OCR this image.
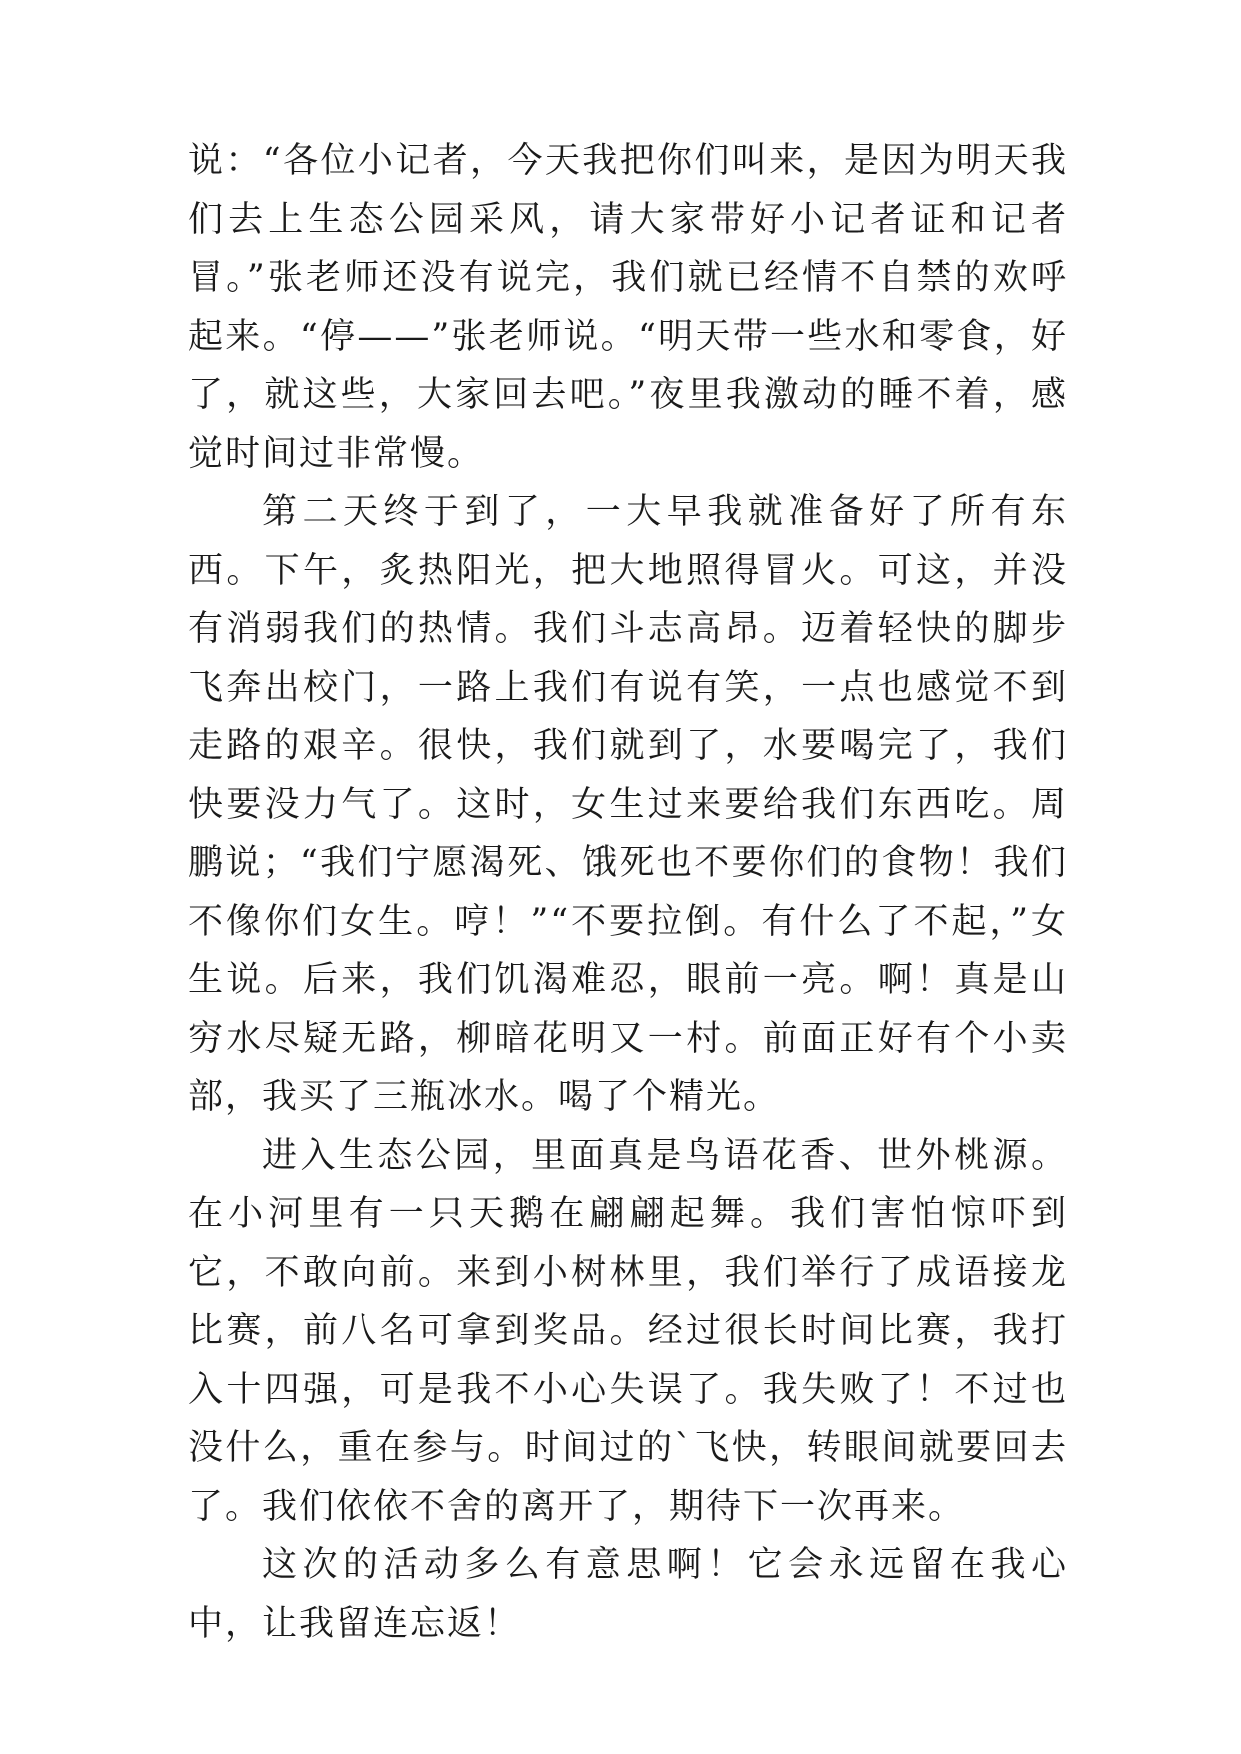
说：“各位小记者，今天我把你们叫来，是因为明天我们去上生态公园采风，请大家带好小记者证和记者冒。”张老师还没有说完，我们就已经情不自禁的欢呼起来。“停——”张老师说。“明天带一些水和零食，好了，就这些，大家回去吧。”夜里我激动的睡不着，感觉时间过非常慢。

第二天终于到了，一大早我就准备好了所有东西。下午，炙热阳光，把大地照得冒火。可这，并没有消弱我们的热情。我们斗志高昂。迈着轻快的脚步飞奔出校门，一路上我们有说有笑，一点也感觉不到走路的艰辛。很快，我们就到了，水要喝完了，我们快要没力气了。这时，女生过来要给我们东西吃。周鹏说；“我们宁愿渴死、饿死也不要你们的食物！我们不像你们女生。哼！”“不要拉倒。有什么了不起，”女生说。后来，我们饥渴难忍，眼前一亮。啊！真是山穷水尽疑无路，柳暗花明又一村。前面正好有个小卖部，我买了三瓶冰水。喝了个精光。

进入生态公园，里面真是鸟语花香、世外桃源。在小河里有一只天鹅在翩翩起舞。我们害怕惊吓到它，不敢向前。来到小树林里，我们举行了成语接龙比赛，前八名可拿到奖品。经过很长时间比赛，我打入十四强，可是我不小心失误了。我失败了！不过也没什么，重在参与。时间过的`飞快，转眼间就要回去了。我们依依不舍的离开了，期待下一次再来。

这次的活动多么有意思啊！它会永远留在我心中，让我留连忘返！
